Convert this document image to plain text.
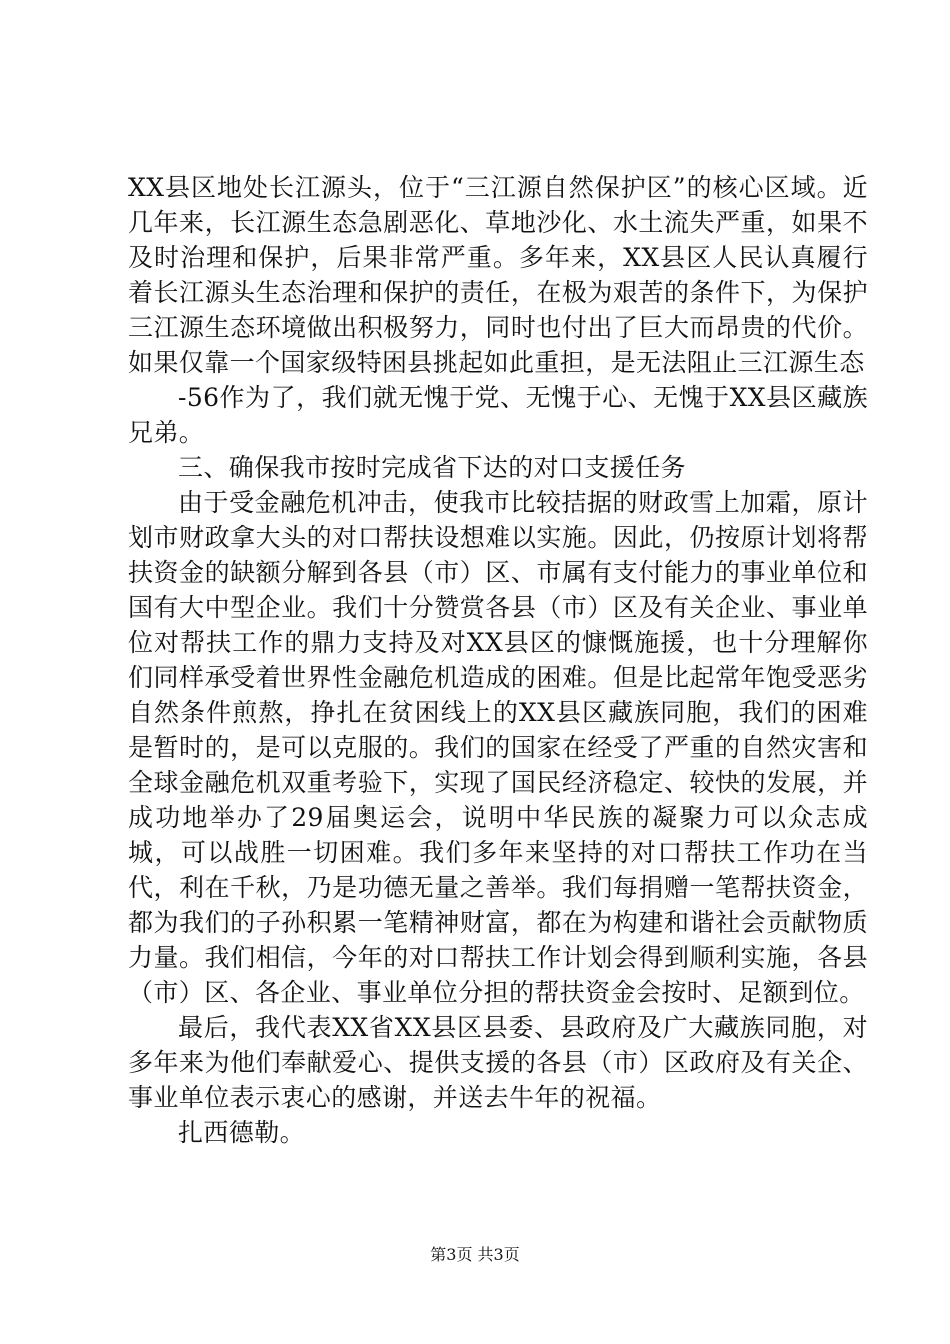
XX县区地处长江源头，位于“三江源自然保护区”的核心区域。近几年来，长江源生态急剧恶化、草地沙化、水土流失严重，如果不及时治理和保护，后果非常严重。多年来，XX县区人民认真履行着长江源头生态治理和保护的责任，在极为艰苦的条件下，为保护三江源生态环境做出积极努力，同时也付出了巨大而昂贵的代价。如果仅靠一个国家级特困县挑起如此重担，是无法阻止三江源生态

-56作为了，我们就无愧于党、无愧于心、无愧于XX县区藏族兄弟。

三、确保我市按时完成省下达的对口支援任务

由于受金融危机冲击，使我市比较拮据的财政雪上加霜，原计划市财政拿大头的对口帮扶设想难以实施。因此，仍按原计划将帮扶资金的缺额分解到各县（市）区、市属有支付能力的事业单位和国有大中型企业。我们十分赞赏各县（市）区及有关企业、事业单位对帮扶工作的鼎力支持及对XX县区的慷慨施援，也十分理解你们同样承受着世界性金融危机造成的困难。但是比起常年饱受恶劣自然条件煎熬，挣扎在贫困线上的XX县区藏族同胞，我们的困难是暂时的，是可以克服的。我们的国家在经受了严重的自然灾害和全球金融危机双重考验下，实现了国民经济稳定、较快的发展，并成功地举办了29届奥运会，说明中华民族的凝聚力可以众志成城，可以战胜一切困难。我们多年来坚持的对口帮扶工作功在当代，利在千秋，乃是功德无量之善举。我们每捐赠一笔帮扶资金，都为我们的子孙积累一笔精神财富，都在为构建和谐社会贡献物质力量。我们相信，今年的对口帮扶工作计划会得到顺利实施，各县（市）区、各企业、事业单位分担的帮扶资金会按时、足额到位。

最后，我代表XX省XX县区县委、县政府及广大藏族同胞，对多年来为他们奉献爱心、提供支援的各县（市）区政府及有关企、事业单位表示衷心的感谢，并送去牛年的祝福。

扎西德勒。

第3页 共3页
